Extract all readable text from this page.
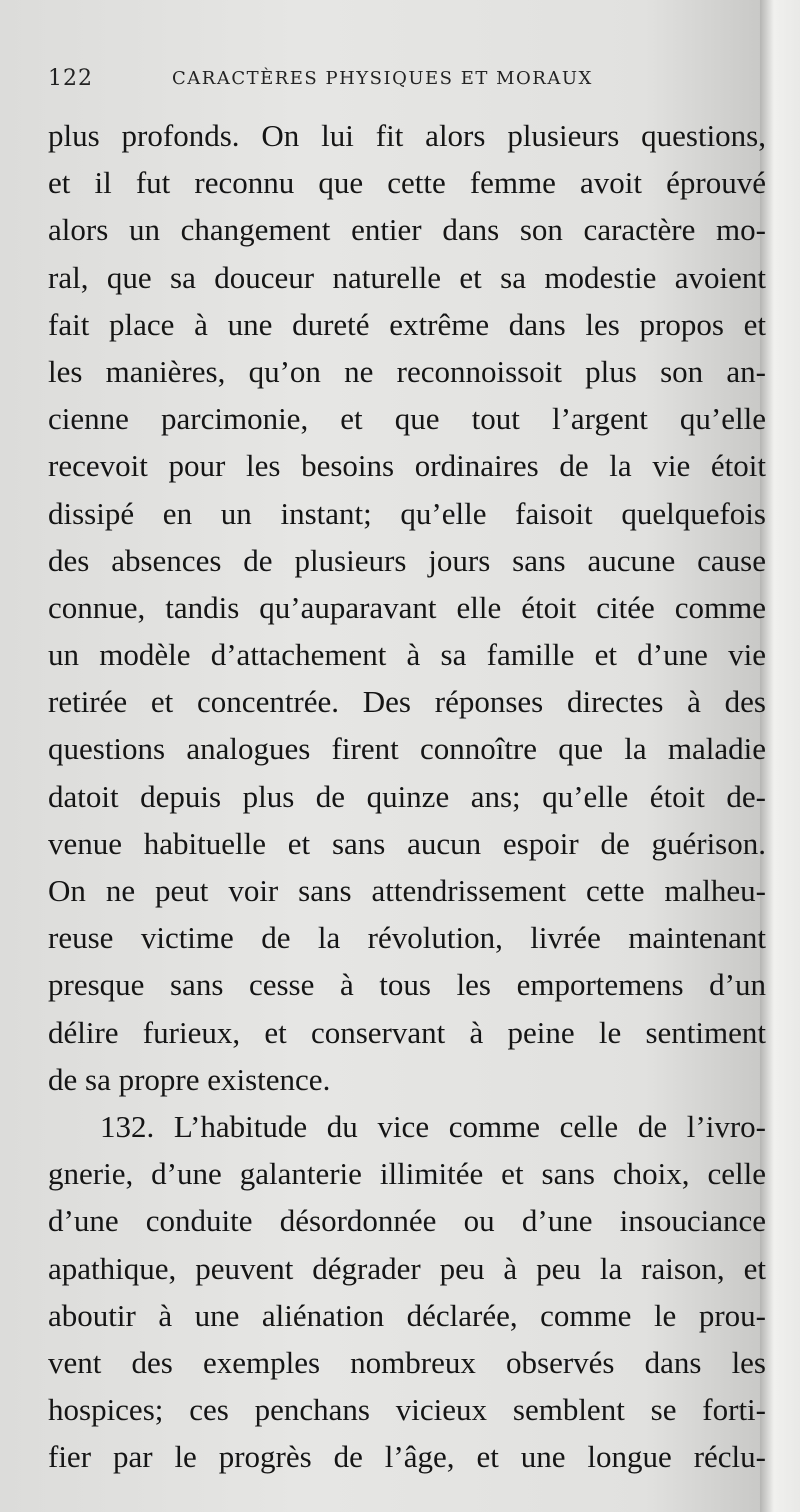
122	CARACTÈRES PHYSIQUES ET MORAUX
plus profonds. On lui fit alors plusieurs questions,
et il fut reconnu que cette femme avoit éprouvé
alors un changement entier dans son caractère mo-
ral, que sa douceur naturelle et sa modestie avoient
fait place à une dureté extrême dans les propos et
les manières, qu’on ne reconnoissoit plus son an-
cienne parcimonie, et que tout l’argent qu’elle
recevoit pour les besoins ordinaires de la vie étoit
dissipé en un instant; qu’elle faisoit quelquefois
des absences de plusieurs jours sans aucune cause
connue, tandis qu’auparavant elle étoit citée comme
un modèle d’attachement à sa famille et d’une vie
retirée et concentrée. Des réponses directes à des
questions analogues firent connoître que la maladie
datoit depuis plus de quinze ans; qu’elle étoit de-
venue habituelle et sans aucun espoir de guérison.
On ne peut voir sans attendrissement cette malheu-
reuse victime de la révolution, livrée maintenant
presque sans cesse à tous les emportemens d’un
délire furieux, et conservant à peine le sentiment
de sa propre existence.
132. L’habitude du vice comme celle de l’ivro-
gnerie, d’une galanterie illimitée et sans choix, celle
d’une conduite désordonnée ou d’une insouciance
apathique, peuvent dégrader peu à peu la raison, et
aboutir à une aliénation déclarée, comme le prou-
vent des exemples nombreux observés dans les
hospices; ces penchans vicieux semblent se forti-
fier par le progrès de l’âge, et une longue réclu-
